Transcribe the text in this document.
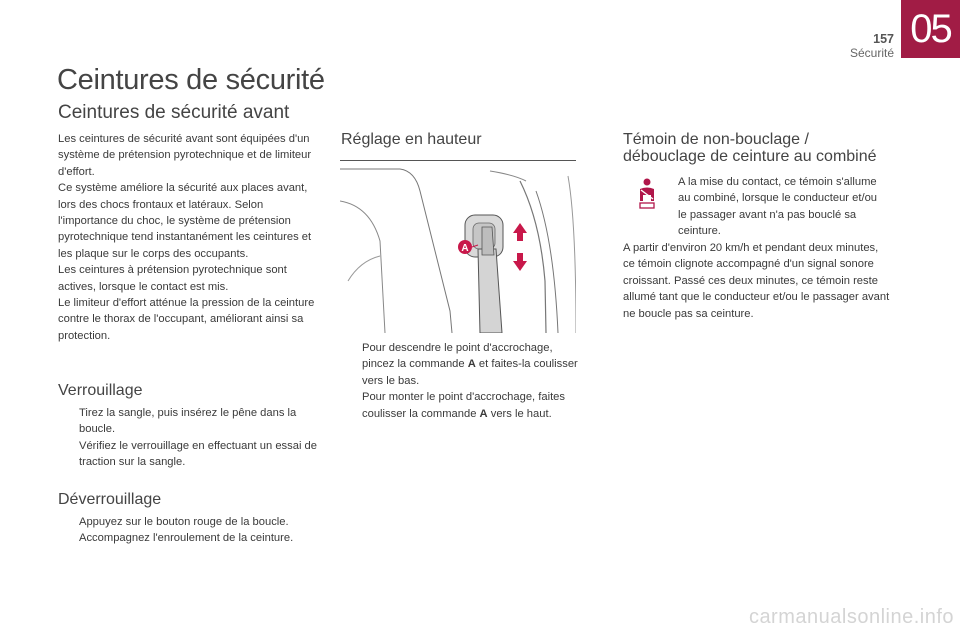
157
Sécurité
05
Ceintures de sécurité
Ceintures de sécurité avant
Les ceintures de sécurité avant sont équipées d'un système de prétension pyrotechnique et de limiteur d'effort.
Ce système améliore la sécurité aux places avant, lors des chocs frontaux et latéraux. Selon l'importance du choc, le système de prétension pyrotechnique tend instantanément les ceintures et les plaque sur le corps des occupants.
Les ceintures à prétension pyrotechnique sont actives, lorsque le contact est mis.
Le limiteur d'effort atténue la pression de la ceinture contre le thorax de l'occupant, améliorant ainsi sa protection.
Verrouillage
Tirez la sangle, puis insérez le pêne dans la boucle.
Vérifiez le verrouillage en effectuant un essai de traction sur la sangle.
Déverrouillage
Appuyez sur le bouton rouge de la boucle.
Accompagnez l'enroulement de la ceinture.
Réglage en hauteur
A
Pour descendre le point d'accrochage, pincez la commande A et faites-la coulisser vers le bas.
Pour monter le point d'accrochage, faites coulisser la commande A vers le haut.
Témoin de non-bouclage /
débouclage de ceinture au combiné
A la mise du contact, ce témoin s'allume au combiné, lorsque le conducteur et/ou le passager avant n'a pas bouclé sa ceinture.
A partir d'environ 20 km/h et pendant deux minutes, ce témoin clignote accompagné d'un signal sonore croissant. Passé ces deux minutes, ce témoin reste allumé tant que le conducteur et/ou le passager avant ne boucle pas sa ceinture.
carmanualsonline.info
